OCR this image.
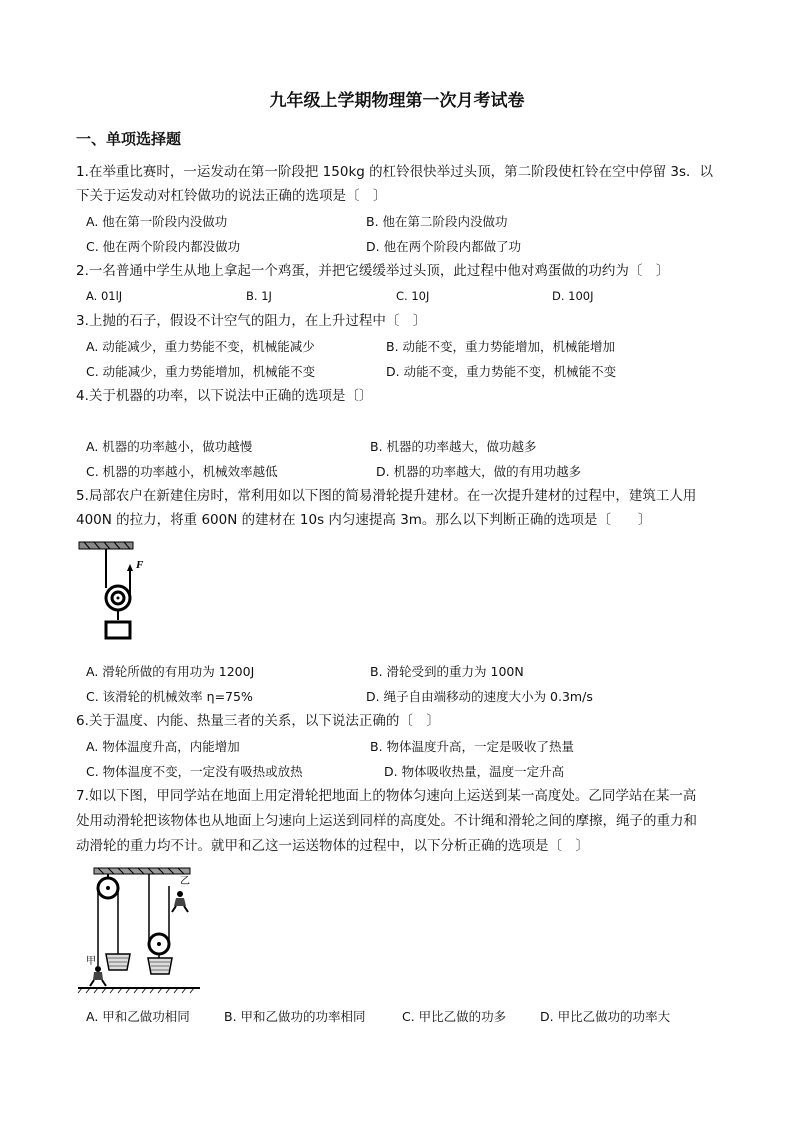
九年级上学期物理第一次月考试卷
一、单项选择题
1.在举重比赛时，一运发动在第一阶段把 150kg 的杠铃很快举过头顶，第二阶段使杠铃在空中停留 3s．以
下关于运发动对杠铃做功的说法正确的选项是〔　〕
A. 他在第一阶段内没做功	B. 他在第二阶段内没做功
C. 他在两个阶段内都没做功	D. 他在两个阶段内都做了功
2.一名普通中学生从地上拿起一个鸡蛋，并把它缓缓举过头顶，此过程中他对鸡蛋做的功约为〔　〕
A. 01lJ	B. 1J	C. 10J	D. 100J
3.上抛的石子，假设不计空气的阻力，在上升过程中〔　〕
A. 动能减少，重力势能不变，机械能减少	B. 动能不变，重力势能增加，机械能增加
C. 动能减少，重力势能增加，机械能不变	D. 动能不变，重力势能不变，机械能不变
4.关于机器的功率，以下说法中正确的选项是〔〕
A. 机器的功率越小，做功越慢	B. 机器的功率越大，做功越多
C. 机器的功率越小，机械效率越低	D. 机器的功率越大，做的有用功越多
5.局部农户在新建住房时，常利用如以下图的简易滑轮提升建材。在一次提升建材的过程中，建筑工人用
400N 的拉力，将重 600N 的建材在 10s 内匀速提高 3m。那么以下判断正确的选项是〔　　〕
F
A. 滑轮所做的有用功为 1200J	B. 滑轮受到的重力为 100N
C. 该滑轮的机械效率 η=75%	D. 绳子自由端移动的速度大小为 0.3m/s
6.关于温度、内能、热量三者的关系，以下说法正确的〔　〕
A. 物体温度升高，内能增加	B. 物体温度升高，一定是吸收了热量
C. 物体温度不变，一定没有吸热或放热	D. 物体吸收热量，温度一定升高
7.如以下图，甲同学站在地面上用定滑轮把地面上的物体匀速向上运送到某一高度处。乙同学站在某一高
处用动滑轮把该物体也从地面上匀速向上运送到同样的高度处。不计绳和滑轮之间的摩擦，绳子的重力和
动滑轮的重力均不计。就甲和乙这一运送物体的过程中，以下分析正确的选项是〔　〕
乙
甲
A. 甲和乙做功相同	B. 甲和乙做功的功率相同	C. 甲比乙做的功多	D. 甲比乙做功的功率大
